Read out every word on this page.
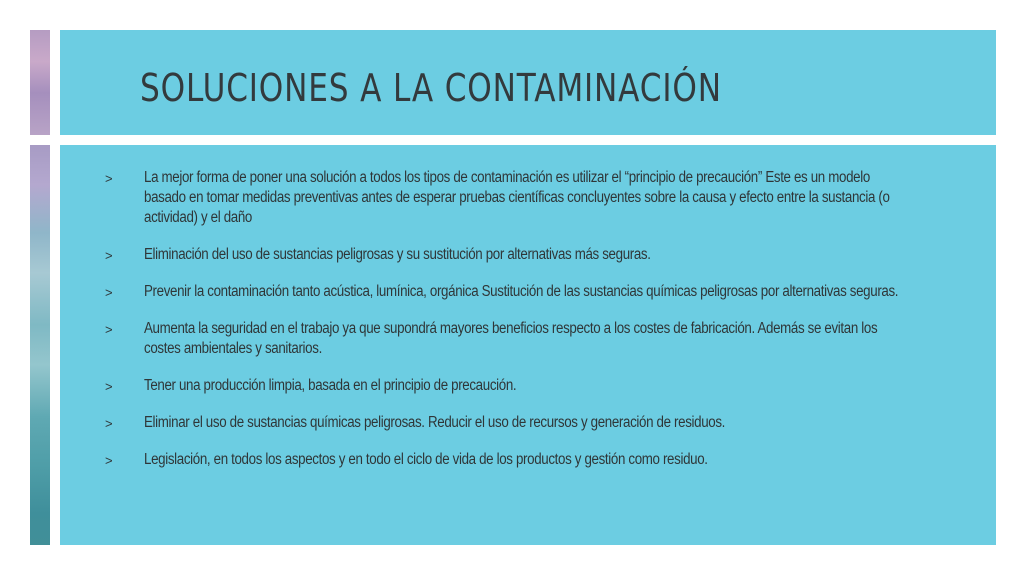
SOLUCIONES A LA CONTAMINACIÓN
> La mejor forma de poner una solución a todos los tipos de contaminación es utilizar el “principio de precaución” Este es un modelo basado en tomar medidas preventivas antes de esperar pruebas científicas concluyentes sobre la causa y efecto entre la sustancia (o actividad) y el daño
> Eliminación del uso de sustancias peligrosas y su sustitución por alternativas más seguras.
> Prevenir la contaminación tanto acústica, lumínica, orgánica Sustitución de las sustancias químicas peligrosas por alternativas seguras.
> Aumenta la seguridad en el trabajo ya que supondrá mayores beneficios respecto a los costes de fabricación. Además se evitan los costes ambientales y sanitarios.
> Tener una producción limpia, basada en el principio de precaución.
> Eliminar el uso de sustancias químicas peligrosas. Reducir el uso de recursos y generación de residuos.
> Legislación, en todos los aspectos y en todo el ciclo de vida de los productos y gestión como residuo.
